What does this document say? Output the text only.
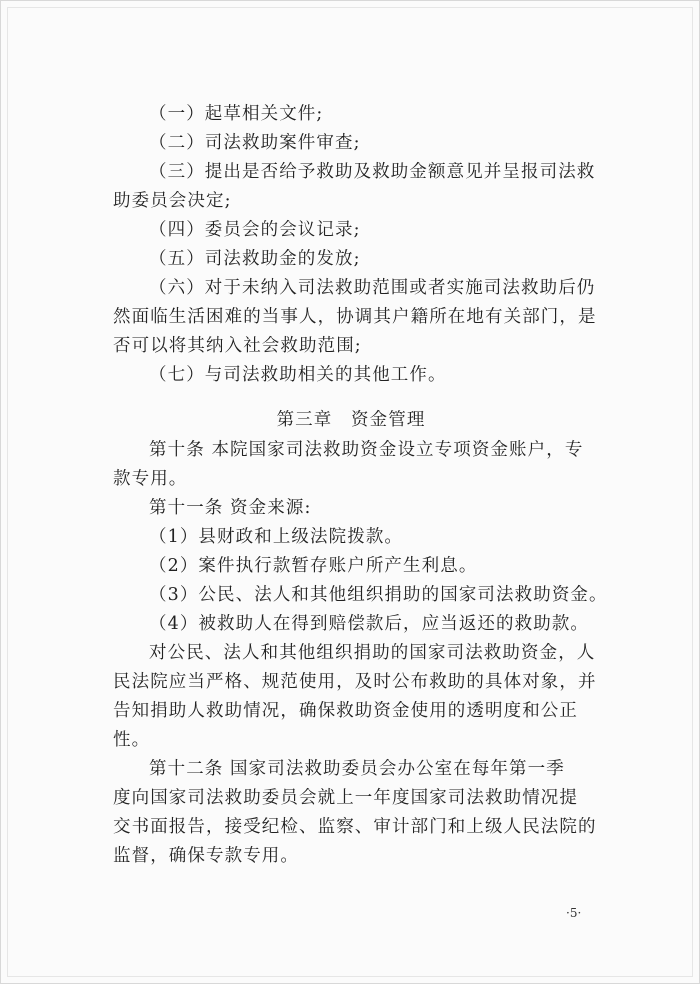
（一）起草相关文件;
（二）司法救助案件审查;
（三）提出是否给予救助及救助金额意见并呈报司法救
助委员会决定;
（四）委员会的会议记录;
（五）司法救助金的发放;
（六）对于未纳入司法救助范围或者实施司法救助后仍
然面临生活困难的当事人，协调其户籍所在地有关部门，是
否可以将其纳入社会救助范围;
（七）与司法救助相关的其他工作。
第三章 资金管理
第十条 本院国家司法救助资金设立专项资金账户，专
款专用。
第十一条 资金来源:
（1）县财政和上级法院拨款。
（2）案件执行款暂存账户所产生利息。
（3）公民、法人和其他组织捐助的国家司法救助资金。
（4）被救助人在得到赔偿款后，应当返还的救助款。
对公民、法人和其他组织捐助的国家司法救助资金，人
民法院应当严格、规范使用，及时公布救助的具体对象，并
告知捐助人救助情况，确保救助资金使用的透明度和公正
性。
第十二条 国家司法救助委员会办公室在每年第一季
度向国家司法救助委员会就上一年度国家司法救助情况提
交书面报告，接受纪检、监察、审计部门和上级人民法院的
监督，确保专款专用。
·5·
